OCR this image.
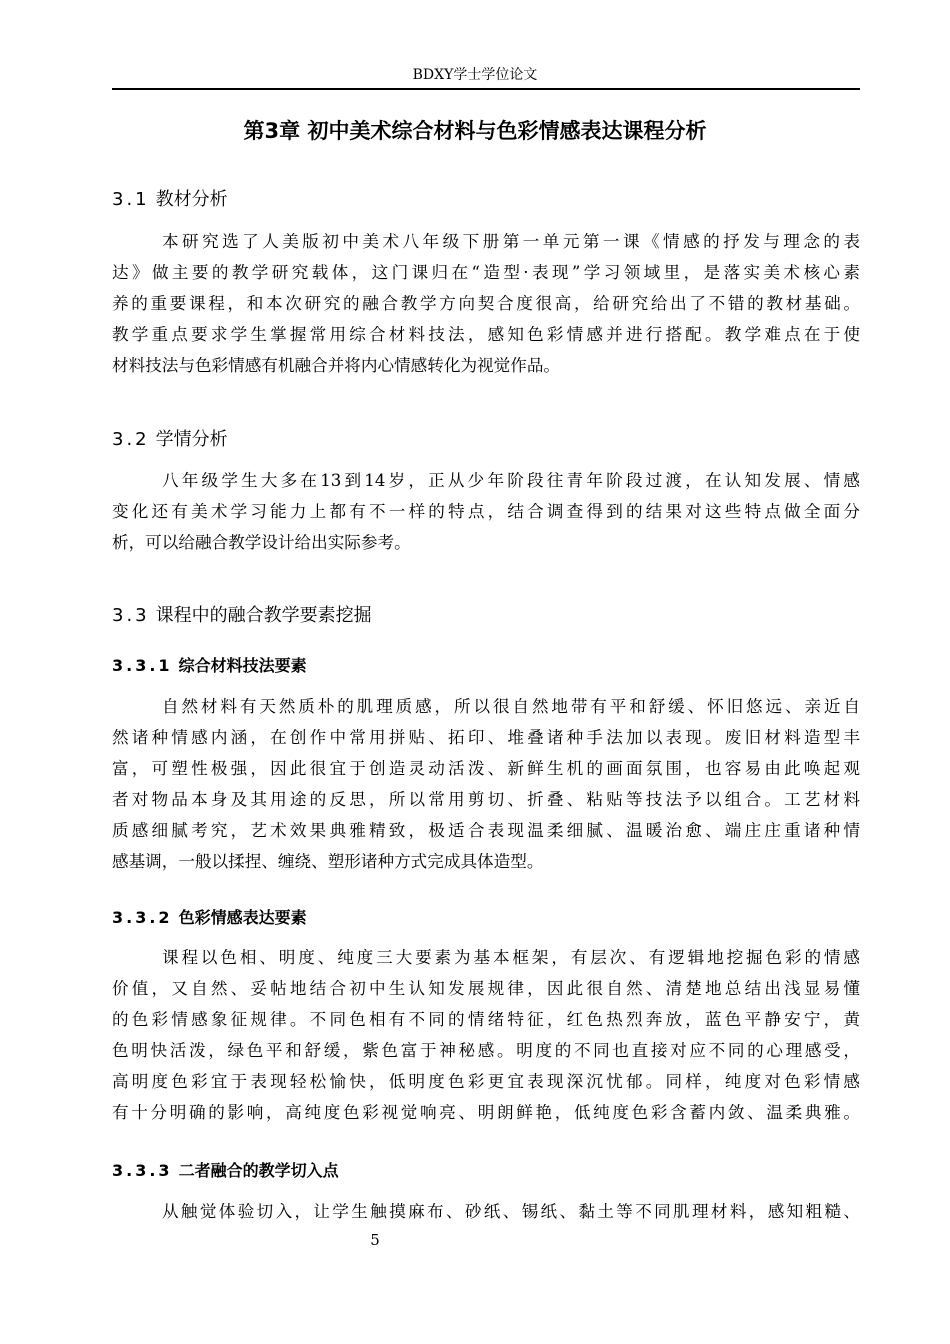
BDXY学士学位论文
第3章 初中美术综合材料与色彩情感表达课程分析
3.1 教材分析
本研究选了人美版初中美术八年级下册第一单元第一课《情感的抒发与理念的表
达》做主要的教学研究载体，这门课归在“造型·表现”学习领域里，是落实美术核心素
养的重要课程，和本次研究的融合教学方向契合度很高，给研究给出了不错的教材基础。
教学重点要求学生掌握常用综合材料技法，感知色彩情感并进行搭配。教学难点在于使
材料技法与色彩情感有机融合并将内心情感转化为视觉作品。
3.2 学情分析
八年级学生大多在13到14岁，正从少年阶段往青年阶段过渡，在认知发展、情感
变化还有美术学习能力上都有不一样的特点，结合调查得到的结果对这些特点做全面分
析，可以给融合教学设计给出实际参考。
3.3 课程中的融合教学要素挖掘
3.3.1 综合材料技法要素
自然材料有天然质朴的肌理质感，所以很自然地带有平和舒缓、怀旧悠远、亲近自
然诸种情感内涵，在创作中常用拼贴、拓印、堆叠诸种手法加以表现。废旧材料造型丰
富，可塑性极强，因此很宜于创造灵动活泼、新鲜生机的画面氛围，也容易由此唤起观
者对物品本身及其用途的反思，所以常用剪切、折叠、粘贴等技法予以组合。工艺材料
质感细腻考究，艺术效果典雅精致，极适合表现温柔细腻、温暖治愈、端庄庄重诸种情
感基调，一般以揉捏、缠绕、塑形诸种方式完成具体造型。
3.3.2 色彩情感表达要素
课程以色相、明度、纯度三大要素为基本框架，有层次、有逻辑地挖掘色彩的情感
价值，又自然、妥帖地结合初中生认知发展规律，因此很自然、清楚地总结出浅显易懂
的色彩情感象征规律。不同色相有不同的情绪特征，红色热烈奔放，蓝色平静安宁，黄
色明快活泼，绿色平和舒缓，紫色富于神秘感。明度的不同也直接对应不同的心理感受，
高明度色彩宜于表现轻松愉快，低明度色彩更宜表现深沉忧郁。同样，纯度对色彩情感
有十分明确的影响，高纯度色彩视觉响亮、明朗鲜艳，低纯度色彩含蓄内敛、温柔典雅。
3.3.3 二者融合的教学切入点
从触觉体验切入，让学生触摸麻布、砂纸、锡纸、黏土等不同肌理材料，感知粗糙、
5
